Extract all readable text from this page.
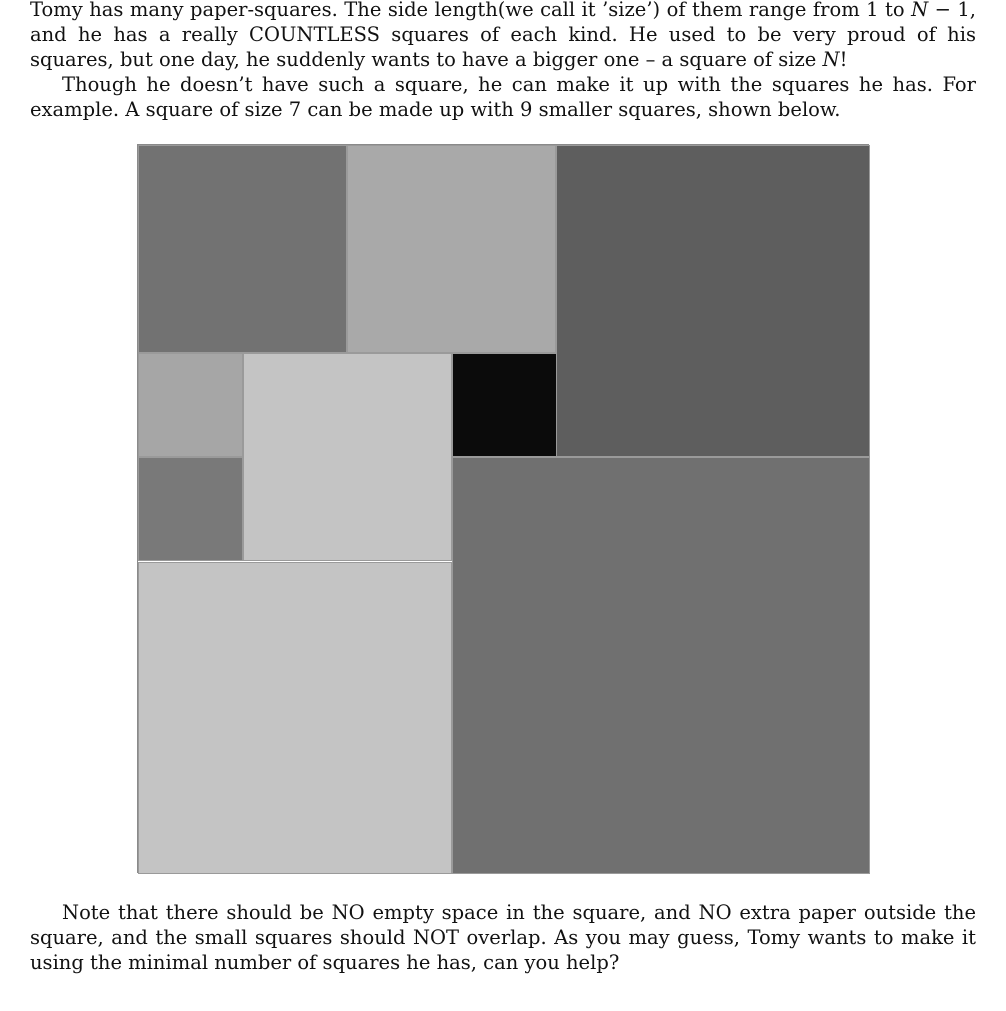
Tomy has many paper-squares. The side length(we call it ’size’) of them range from 1 to N − 1, and he has a really COUNTLESS squares of each kind. He used to be very proud of his squares, but one day, he suddenly wants to have a bigger one – a square of size N!

Though he doesn’t have such a square, he can make it up with the squares he has. For example. A square of size 7 can be made up with 9 smaller squares, shown below.

Note that there should be NO empty space in the square, and NO extra paper outside the square, and the small squares should NOT overlap. As you may guess, Tomy wants to make it using the minimal number of squares he has, can you help?
